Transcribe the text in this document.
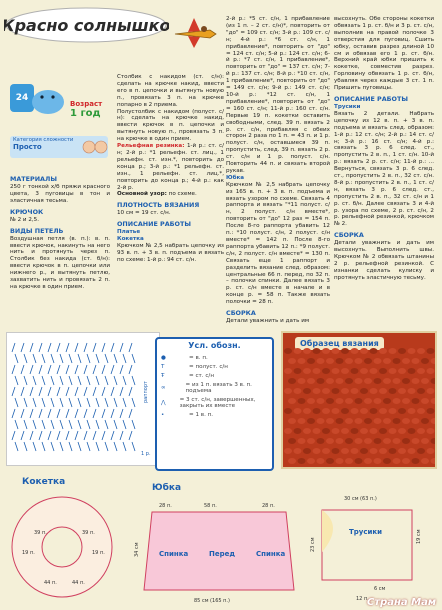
Красно солнышко
24
Возраст
1 год
Категория сложности
Просто
МАТЕРИАЛЫ
250 г тонкой х/б пряжи красного цвета, 3 пуговицы в тон и эластичная тесьма.
КРЮЧОК
№ 2 и 2,5.
ВИДЫ ПЕТЕЛЬ
Воздушная петля (в. п.): в. п. ввести крючок, накинуть на него нить и протянуть через п. Столбик без накида (ст. б/н): ввести крючок в п. цепочки или нижнего р., и вытянуть петлю, захватить нить и провязать 2 п. на крючке в один прием.
Столбик с накидом (ст. с/н): сделать на крючке накид, ввести его в п. цепочки и вытянуть новую п., провязать 3 п. на крючке попарно в 2 приема.
Полустолбик с накидом (полуст. с/н): сделать на крючке накид, ввести крючок в п. цепочки и вытянуть новую п., провязать 3 п. на крючке в один прием.
Рельефная резинка: 1-й р.: ст. с/н; 2-й р.: *1 рельефн. ст. лиц., 1 рельефн. ст. изн.*, повторить до конца р.; 3-й р.: *1 рельефн. ст. изн., 1 рельефн. ст. лиц.*, повторить до конца р.; 4-й р.: как 2-й р.
Основной узор: по схеме.
ПЛОТНОСТЬ ВЯЗАНИЯ
10 см = 19 ст. с/н.
ОПИСАНИЕ РАБОТЫ
Платье
Кокетка
Крючком № 2,5 набрать цепочку из 93 в. п. + 3 в. п. подъема и вязать по схеме: 1-й р.: 94 ст. с/н.
2-й р.: *5 ст. с/н, 1 прибавление (из 1 п. – 2 ст. с/н)*, повторить от "до" = 109 ст. с/н; 3-й р.: 109 ст. с/н; 4-й р.: *6 ст. с/н, 1 прибавление*, повторить от "до" = 124 ст. с/н; 5-й р.: 124 ст. с/н; 6-й р.: *7 ст. с/н, 1 прибавление*, повторить от "до" = 137 ст. с/н; 7-й р.: 137 ст. с/н; 8-й р.: *10 ст. с/н, 1 прибавление*, повторить от "до" = 149 ст. с/н; 9-й р.: 149 ст. с/н; 10-й р.: *12 ст. с/н, 1 прибавление*, повторить от "до" = 160 ст. с/н; 11-й р.: 160 ст. с/н. Первые 19 п. кокетки оставить свободными, след. 39 п. вязать 2 р. ст. с/н, прибавляя с обеих сторон 2 раза по 1 п. = 43 п. и 1 р. полуст. с/н, оставшиеся 39 п. пропустить, след. 39 п. вязать 2 р. ст. с/н и 1 р. полуст. с/н. Повторить 44 п. и связать второй рукав.
Юбка
Крючком № 2,5 набрать цепочку из 165 в. п. + 3 в. п. подъема и вязать узором по схеме. Связать 4 раппорта и вязать "*11 полуст. с/н, 2 полуст. с/н вместе*, повторить от "до" 12 раз = 154 п. После 8-го раппорта убавить 12 п.: *10 полуст. с/н, 2 полуст. с/н вместе* = 142 п. После 8-го раппорта убавить 12 п.: *9 полуст. с/н, 2 полуст. с/н вместе* = 130 п. Связать еще 1 раппорт и разделить вязание след. образом: центральные 66 п. перед, по 32 п. – полочки спинки. Далее вязать 3 р. ст. с/н вместе в начале и в конце р. = 58 п. Также вязать полочки = 28 п.
СБОРКА
Детали уважнить и дать им
высохнуть. Обе стороны кокетки обвязать 1 р. ст. б/н и 3 р. ст. с/н, выполнив на правой полочке 3 отверстия для пуговиц. Сшить юбку, оставив разрез длиной 10 см и обвязав его 1 р. ст. б/н. Верхний край юбки пришить к кокетке, совместив разрез. Горловину обвязать 1 р. ст. б/н, убавляя через каждые 3 ст. 1 п. Пришить пуговицы.
ОПИСАНИЕ РАБОТЫ
Трусики
Вязать 2 детали. Набрать цепочку из 12 в. п. + 3 в. п. подъема и вязать след. образом: 1-й р.: 12 ст. с/н; 2-й р.: 14 ст. с/н; 3-й р.: 16 ст. с/н; 4-й р.: связать 3 р. 6 след. ст., пропустить 2 в. п., 1 ст. с/н. 10-й р.: вязать 2 р. ст. с/н; 11-й р.: ... Вернуться, связать 3 р. 6 след. ст., пропустить 2 в. п., 32 ст. с/н. 8-й р.: пропустить 2 в. п., 1 ст. с/н, вязать 3 р. 6 след. ст., пропустить 2 в. п., 32 ст. с/н и 1 р. ст. б/н. Далее связать 3 и 4-й р. узора по схеме, 2 р. ст. с/н, 2 р. рельефной резинкой, крючком № 2.
СБОРКА
Детали уважнить и дать им высохнуть. Выполнить швы. Крючком № 2 обвязать штанины 2 р. рельефной резинкой. С изнанки сделать кулиску и протянуть эластичную тесьму.
раппорт
1 р.
Усл. обозн.
●	= в. п.
Т	= полуст. с/н
Ŧ	= ст. с/н
∞	= из 1 п. вязать 3 в. п. подъема
⋀	= 3 ст. с/н, завершенных, закрыть их вместе
•	= 1 в. п.
Образец вязания
Кокетка
39 п.	39 п.
19 п.	19 п.
44 п.	44 п.
Юбка
28 п.	58 п.	28 п.
34 см	Спинка	Перед	Спинка
85 см (165 п.)
30 см (63 п.)
Трусики
23 см
19 см
6 см
12 п.
Страна Мам
